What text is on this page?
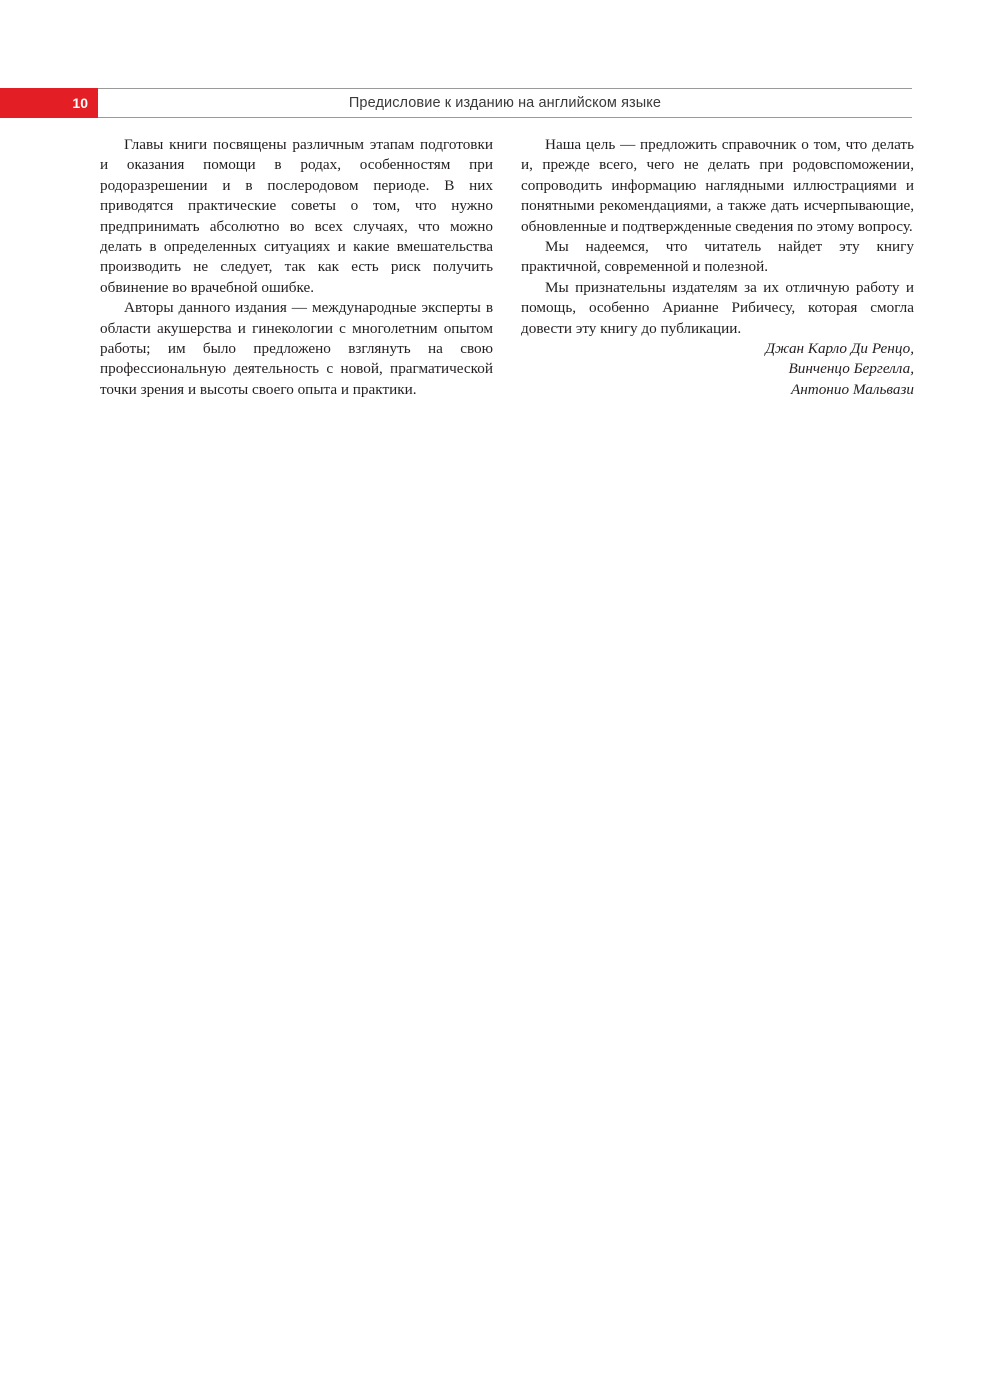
10	Предисловие к изданию на английском языке

Главы книги посвящены различным этапам подготовки и оказания помощи в родах, особенностям при родоразрешении и в послеродовом периоде. В них приводятся практические советы о том, что нужно предпринимать абсолютно во всех случаях, что можно делать в определенных ситуациях и какие вмешательства производить не следует, так как есть риск получить обвинение во врачебной ошибке.

Авторы данного издания — международные эксперты в области акушерства и гинекологии с многолетним опытом работы; им было предложено взглянуть на свою профессиональную деятельность с новой, прагматической точки зрения и высоты своего опыта и практики.

Наша цель — предложить справочник о том, что делать и, прежде всего, чего не делать при родовспоможении, сопроводить информацию наглядными иллюстрациями и понятными рекомендациями, а также дать исчерпывающие, обновленные и подтвержденные сведения по этому вопросу.

Мы надеемся, что читатель найдет эту книгу практичной, современной и полезной.

Мы признательны издателям за их отличную работу и помощь, особенно Арианне Рибичесу, которая смогла довести эту книгу до публикации.

Джан Карло Ди Ренцо,
Винченцо Бергелла,
Антонио Мальвази
